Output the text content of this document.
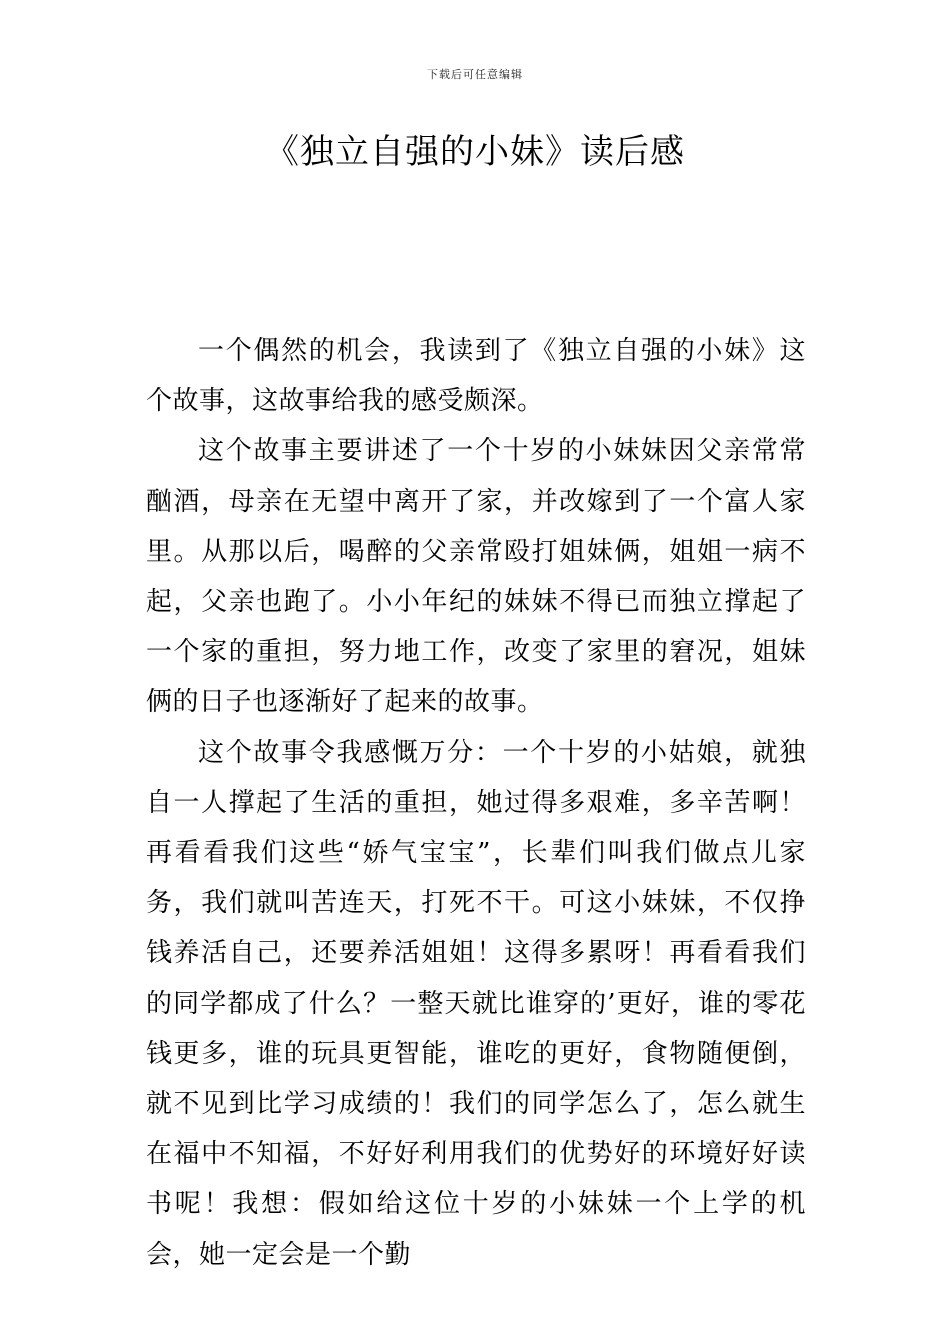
下载后可任意编辑
《独立自强的小妹》读后感

一个偶然的机会，我读到了《独立自强的小妹》这个故事，这故事给我的感受颇深。

这个故事主要讲述了一个十岁的小妹妹因父亲常常酗酒，母亲在无望中离开了家，并改嫁到了一个富人家里。从那以后，喝醉的父亲常殴打姐妹俩，姐姐一病不起，父亲也跑了。小小年纪的妹妹不得已而独立撑起了一个家的重担，努力地工作，改变了家里的窘况，姐妹俩的日子也逐渐好了起来的故事。

这个故事令我感慨万分：一个十岁的小姑娘，就独自一人撑起了生活的重担，她过得多艰难，多辛苦啊！再看看我们这些“娇气宝宝”，长辈们叫我们做点儿家务，我们就叫苦连天，打死不干。可这小妹妹，不仅挣钱养活自己，还要养活姐姐！这得多累呀！再看看我们的同学都成了什么？一整天就比谁穿的’更好，谁的零花钱更多，谁的玩具更智能，谁吃的更好，食物随便倒，就不见到比学习成绩的！我们的同学怎么了，怎么就生在福中不知福，不好好利用我们的优势好的环境好好读书呢！我想：假如给这位十岁的小妹妹一个上学的机会，她一定会是一个勤
